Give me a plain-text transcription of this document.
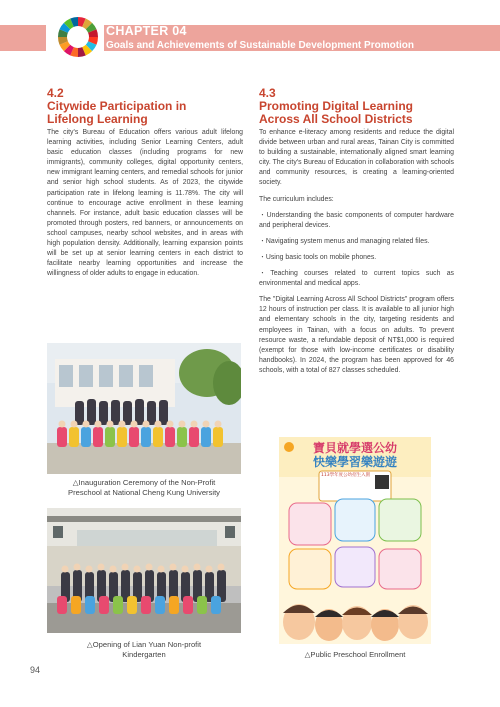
CHAPTER 04
Goals and Achievements of Sustainable Development Promotion
4.2
Citywide Participation in
Lifelong Learning

The city's Bureau of Education offers various adult lifelong learning activities, including Senior Learning Centers, adult basic education classes (including programs for new immigrants), community colleges, digital opportunity centers, new immigrant learning centers, and remedial schools for junior and senior high school students. As of 2023, the citywide participation rate in lifelong learning is 11.78%. The city will continue to encourage active enrollment in these learning channels. For instance, adult basic education classes will be promoted through posters, red banners, or announcements on school campuses, nearby school websites, and in areas with high population density. Additionally, learning expansion points will be set up at senior learning centers in each district to facilitate nearby learning opportunities and increase the willingness of older adults to engage in education.

4.3
Promoting Digital Learning
Across All School Districts

To enhance e-literacy among residents and reduce the digital divide between urban and rural areas, Tainan City is committed to building a sustainable, internationally aligned smart learning city. The city's Bureau of Education in collaboration with schools and community resources, is creating a learning-oriented society.

The curriculum includes:

・Understanding the basic components of computer hardware and peripheral devices.

・Navigating system menus and managing related files.

・Using basic tools on mobile phones.

・Teaching courses related to current topics such as environmental and medical apps.

The "Digital Learning Across All School Districts" program offers 12 hours of instruction per class. It is available to all junior high and elementary schools in the city, targeting residents and employees in Tainan, with a focus on adults. To prevent resource waste, a refundable deposit of NT$1,000 is required (exempt for those with low-income certificates or disability handbooks). In 2024, the program has been approved for 46 schools, with a total of 827 classes scheduled.

△Inauguration Ceremony of the Non-Profit
Preschool at National Cheng Kung University
△Opening of Lian Yuan Non-profit
Kindergarten
寶貝就學選公幼
快樂學習樂遊遊
113學年度公幼招生入園
△Public Preschool Enrollment
94
